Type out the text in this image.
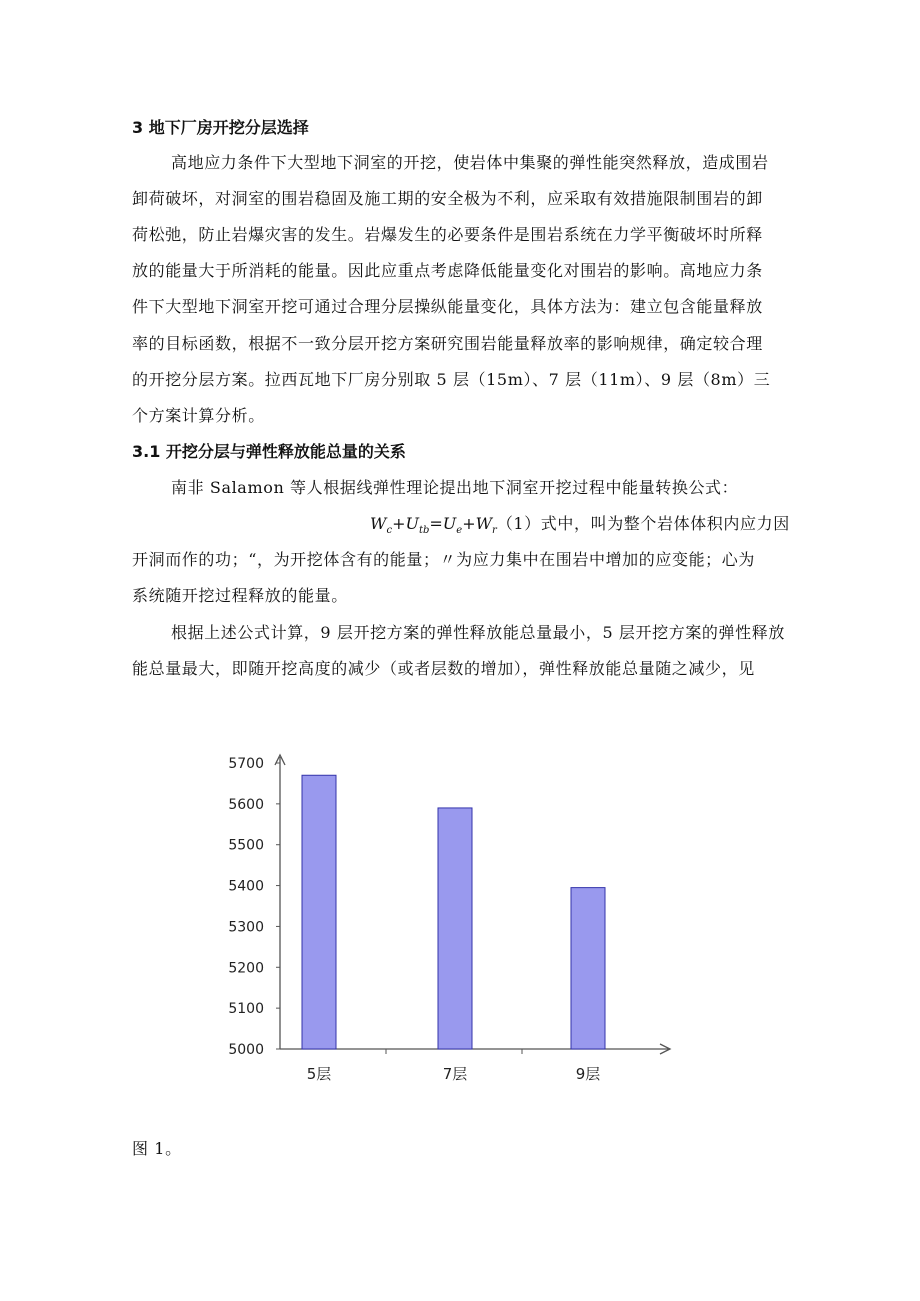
3 地下厂房开挖分层选择
高地应力条件下大型地下洞室的开挖，使岩体中集聚的弹性能突然释放，造成围岩
卸荷破坏，对洞室的围岩稳固及施工期的安全极为不利，应采取有效措施限制围岩的卸
荷松弛，防止岩爆灾害的发生。岩爆发生的必要条件是围岩系统在力学平衡破坏时所释
放的能量大于所消耗的能量。因此应重点考虑降低能量变化对围岩的影响。高地应力条
件下大型地下洞室开挖可通过合理分层操纵能量变化，具体方法为：建立包含能量释放
率的目标函数，根据不一致分层开挖方案研究围岩能量释放率的影响规律，确定较合理
的开挖分层方案。拉西瓦地下厂房分别取 5 层（15m）、7 层（11m）、9 层（8m）三
个方案计算分析。
3.1 开挖分层与弹性释放能总量的关系
南非 Salamon 等人根据线弹性理论提出地下洞室开挖过程中能量转换公式：
$W_c+U_{tb}=U_e+W_r(1)$式中，叫为整个岩体体积内应力因
开洞而作的功；“，为开挖体含有的能量；〃为应力集中在围岩中增加的应变能；心为
系统随开挖过程释放的能量。
根据上述公式计算，9 层开挖方案的弹性释放能总量最小，5 层开挖方案的弹性释放
能总量最大，即随开挖高度的减少（或者层数的增加），弹性释放能总量随之减少，见
5700
5600
5500
5400
5300
5200
5100
5000
5层	7层	9层
图 1。
